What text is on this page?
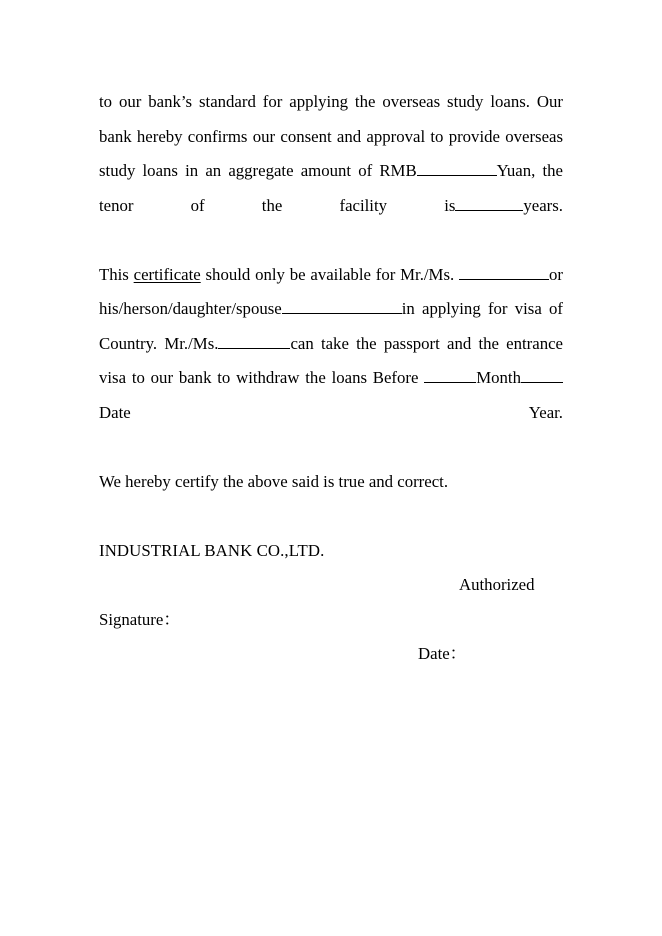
to our bank’s standard for applying the overseas study loans. Our bank hereby confirms our consent and approval to provide overseas study loans in an aggregate amount of RMB	Yuan, the tenor of the facility is	years.

This certificate should only be available for Mr./Ms.	or his/herson/daughter/spouse	in applying for visa of Country. Mr./Ms.	can take the passport and the entrance visa to our bank to withdraw the loans Before	MonthDate Year.

We hereby certify the above said is true and correct.

INDUSTRIAL BANK CO.,LTD.

Authorized Signature：

Date：
